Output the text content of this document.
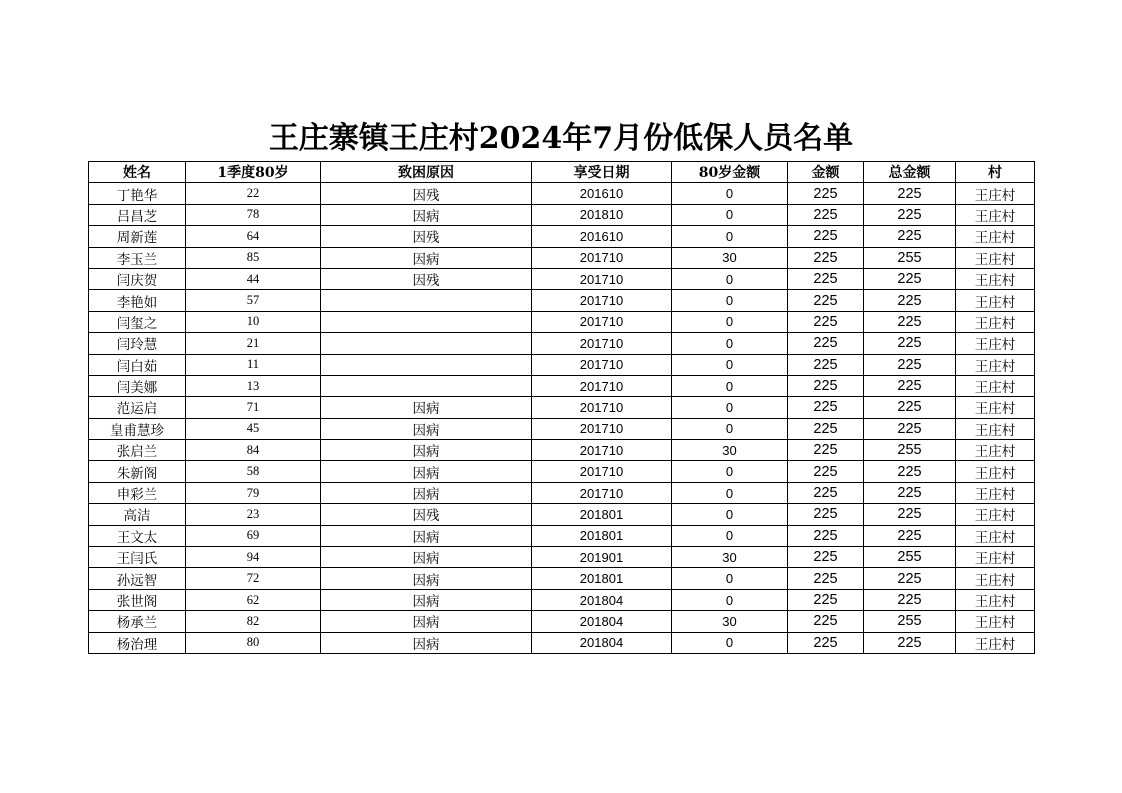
王庄寨镇王庄村2024年7月份低保人员名单
姓名	1季度80岁	致困原因	享受日期	80岁金额	金额	总金额	村
丁艳华	22	因残	201610	0	225	225	王庄村
吕昌芝	78	因病	201810	0	225	225	王庄村
周新莲	64	因残	201610	0	225	225	王庄村
李玉兰	85	因病	201710	30	225	255	王庄村
闫庆贺	44	因残	201710	0	225	225	王庄村
李艳如	57		201710	0	225	225	王庄村
闫玺之	10		201710	0	225	225	王庄村
闫玲慧	21		201710	0	225	225	王庄村
闫白茹	11		201710	0	225	225	王庄村
闫美娜	13		201710	0	225	225	王庄村
范运启	71	因病	201710	0	225	225	王庄村
皇甫慧珍	45	因病	201710	0	225	225	王庄村
张启兰	84	因病	201710	30	225	255	王庄村
朱新阁	58	因病	201710	0	225	225	王庄村
申彩兰	79	因病	201710	0	225	225	王庄村
高洁	23	因残	201801	0	225	225	王庄村
王文太	69	因病	201801	0	225	225	王庄村
王闫氏	94	因病	201901	30	225	255	王庄村
孙远智	72	因病	201801	0	225	225	王庄村
张世阁	62	因病	201804	0	225	225	王庄村
杨承兰	82	因病	201804	30	225	255	王庄村
杨治理	80	因病	201804	0	225	225	王庄村
